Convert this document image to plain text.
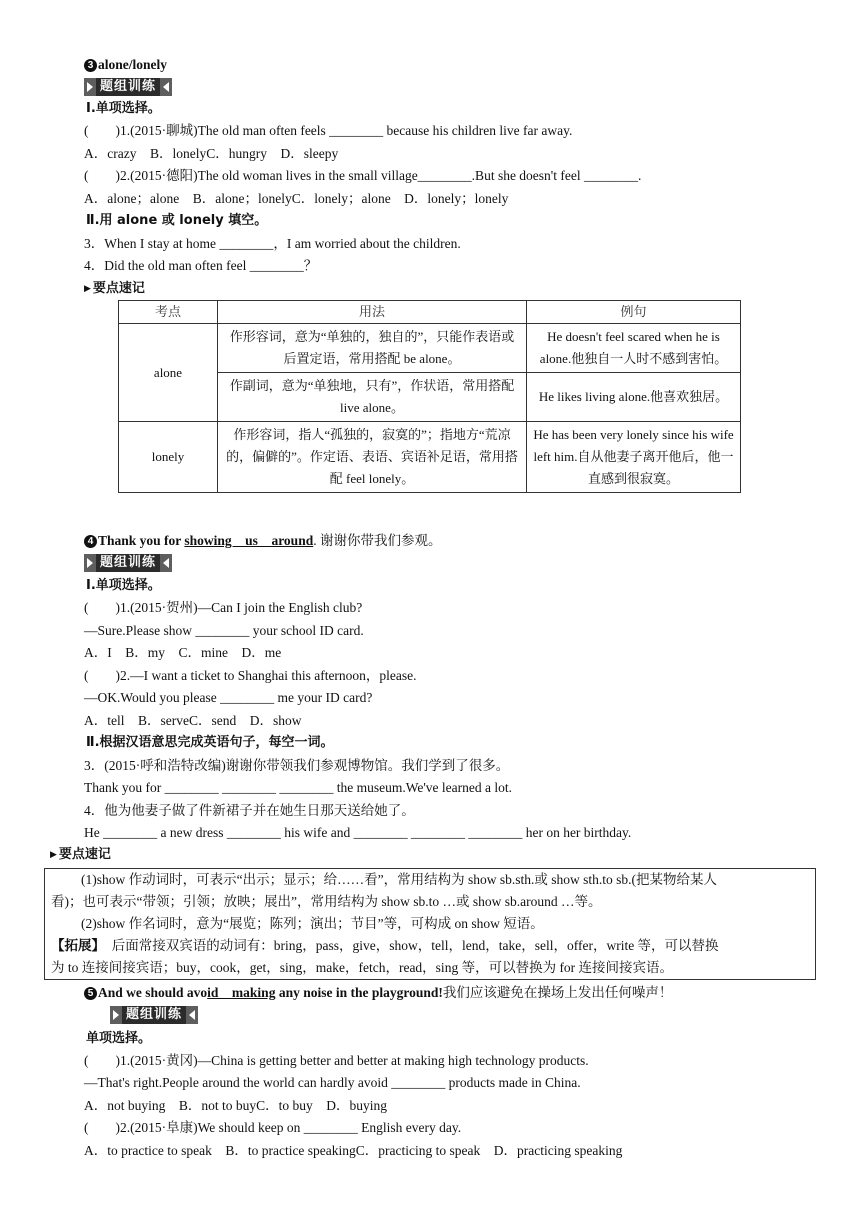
3 alone/lonely
题组训练
Ⅰ.单项选择。
(　　)1.(2015·聊城)The old man often feels ________ because his children live far away.
A．crazy　B．lonelyC．hungry　D．sleepy
(　　)2.(2015·德阳)The old woman lives in the small village________.But she doesn't feel ________.
A．alone；alone　B．alone；lonelyC．lonely；alone　D．lonely；lonely
Ⅱ.用 alone 或 lonely 填空。
3．When I stay at home ________，I am worried about the children.
4．Did the old man often feel ________？
▶ 要点速记
考点	用法	例句
alone	作形容词，意为“单独的，独自的”，只能作表语或后置定语，常用搭配 be alone。	He doesn't feel scared when he is alone.他独自一人时不感到害怕。
	作副词，意为“单独地，只有”，作状语，常用搭配 live alone。	He likes living alone.他喜欢独居。
lonely	作形容词，指人“孤独的，寂寞的”；指地方“荒凉的，偏僻的”。作定语、表语、宾语补足语，常用搭配 feel lonely。	He has been very lonely since his wife left him.自从他妻子离开他后，他一直感到很寂寞。
4 Thank you for showing　us　around. 谢谢你带我们参观。
题组训练
Ⅰ.单项选择。
(　　)1.(2015·贺州)—Can I join the English club?
—Sure.Please show ________ your school ID card.
A．I　B．my　C．mine　D．me
(　　)2.—I want a ticket to Shanghai this afternoon，please.
—OK.Would you please ________ me your ID card?
A．tell　B．serveC．send　D．show
Ⅱ.根据汉语意思完成英语句子，每空一词。
3．(2015·呼和浩特改编)谢谢你带领我们参观博物馆。我们学到了很多。
Thank you for ________ ________ ________ the museum.We've learned a lot.
4．他为他妻子做了件新裙子并在她生日那天送给她了。
He ________ a new dress ________ his wife and ________ ________ ________ her on her birthday.
▶ 要点速记
(1)show 作动词时，可表示“出示；显示；给……看”，常用结构为 show sb.sth.或 show sth.to sb.(把某物给某人
看)；也可表示“带领；引领；放映；展出”，常用结构为 show sb.to …或 show sb.around …等。
(2)show 作名词时，意为“展览；陈列；演出；节目”等，可构成 on show 短语。
【拓展】　后面常接双宾语的动词有：bring，pass，give，show，tell，lend，take，sell，offer，write 等，可以替换
为 to 连接间接宾语；buy，cook，get，sing，make，fetch，read，sing 等，可以替换为 for 连接间接宾语。
5 And we should avoid　making any noise in the playground!我们应该避免在操场上发出任何噪声！
题组训练
单项选择。
(　　)1.(2015·黄冈)—China is getting better and better at making high technology products.
—That's right.People around the world can hardly avoid ________ products made in China.
A．not buying　B．not to buyC．to buy　D．buying
(　　)2.(2015·阜康)We should keep on ________ English every day.
A．to practice to speak　B．to practice speakingC．practicing to speak　D．practicing speaking
